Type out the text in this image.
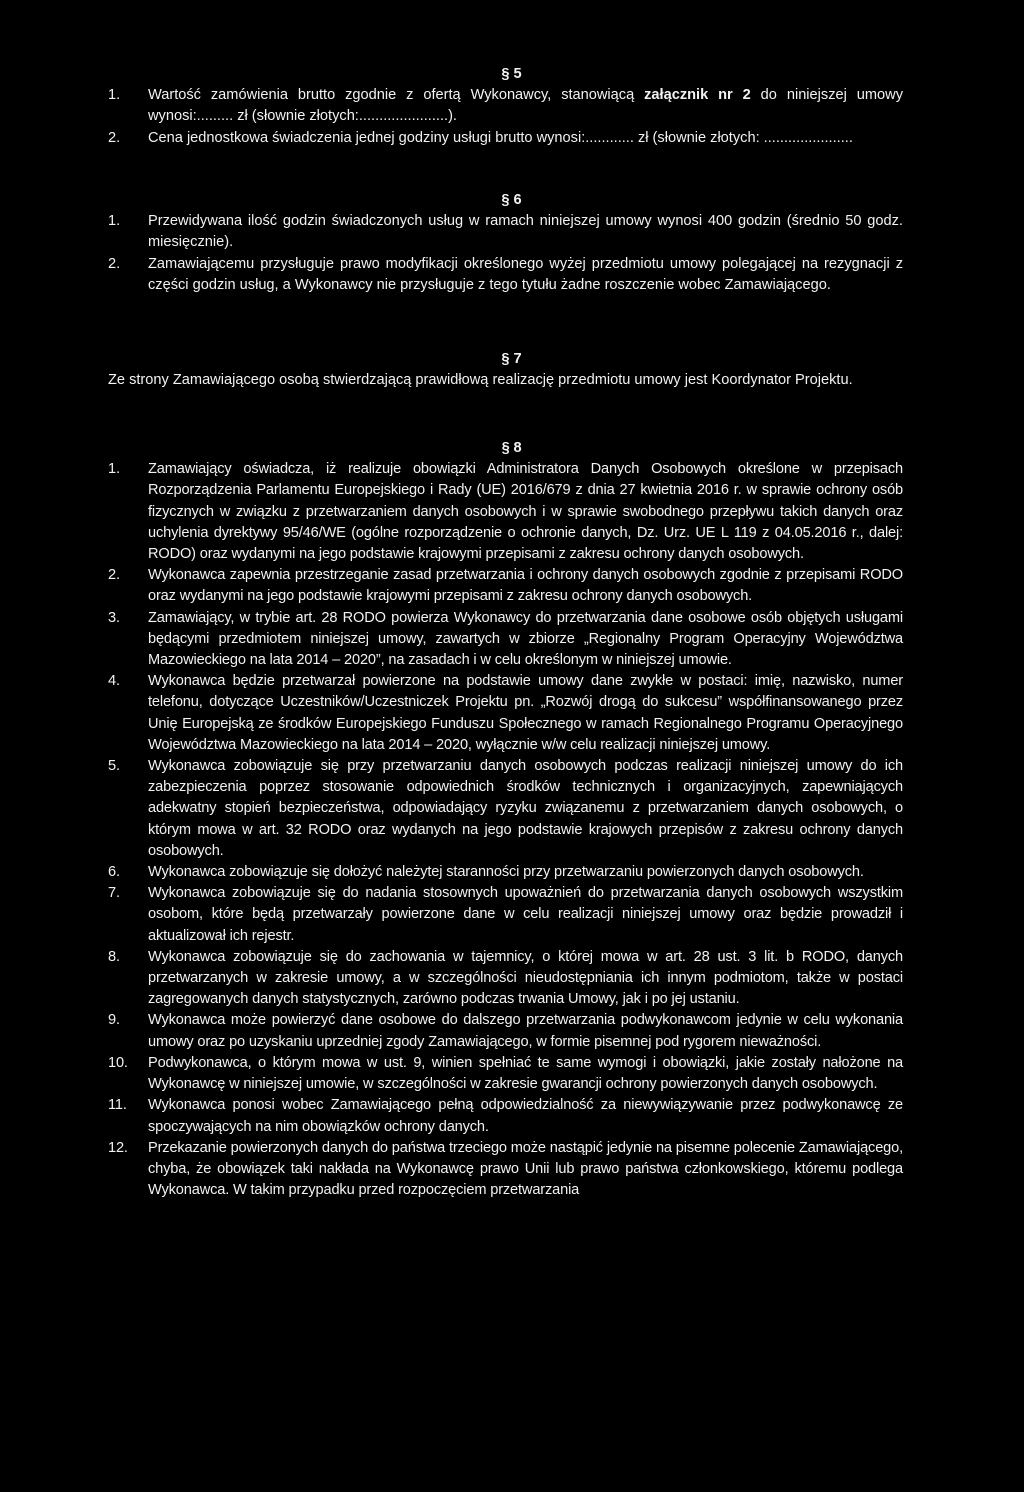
§ 5

1.	Wartość zamówienia brutto zgodnie z ofertą Wykonawcy, stanowiącą załącznik nr 2 do niniejszej umowy wynosi:......... zł (słownie złotych:......................).
2.	Cena jednostkowa świadczenia jednej godziny usługi brutto wynosi:............ zł (słownie złotych: ......................

§ 6

1.	Przewidywana ilość godzin świadczonych usług w ramach niniejszej umowy wynosi 400 godzin (średnio 50 godz. miesięcznie).
2.	Zamawiającemu przysługuje prawo modyfikacji określonego wyżej przedmiotu umowy polegającej na rezygnacji z części godzin usług, a Wykonawcy nie przysługuje z tego tytułu żadne roszczenie wobec Zamawiającego.

§ 7

Ze strony Zamawiającego osobą stwierdzającą prawidłową realizację przedmiotu umowy jest Koordynator Projektu.

§ 8

1.	Zamawiający oświadcza, iż realizuje obowiązki Administratora Danych Osobowych określone w przepisach Rozporządzenia Parlamentu Europejskiego i Rady (UE) 2016/679 z dnia 27 kwietnia 2016 r. w sprawie ochrony osób fizycznych w związku z przetwarzaniem danych osobowych i w sprawie swobodnego przepływu takich danych oraz uchylenia dyrektywy 95/46/WE (ogólne rozporządzenie o ochronie danych, Dz. Urz. UE L 119 z 04.05.2016 r., dalej: RODO) oraz wydanymi na jego podstawie krajowymi przepisami z zakresu ochrony danych osobowych.
2.	Wykonawca zapewnia przestrzeganie zasad przetwarzania i ochrony danych osobowych zgodnie z przepisami RODO oraz wydanymi na jego podstawie krajowymi przepisami z zakresu ochrony danych osobowych.
3.	Zamawiający, w trybie art. 28 RODO powierza Wykonawcy do przetwarzania dane osobowe osób objętych usługami będącymi przedmiotem niniejszej umowy, zawartych w zbiorze „Regionalny Program Operacyjny Województwa Mazowieckiego na lata 2014 – 2020”, na zasadach i w celu określonym w niniejszej umowie.
4.	Wykonawca będzie przetwarzał powierzone na podstawie umowy dane zwykłe w postaci: imię, nazwisko, numer telefonu, dotyczące Uczestników/Uczestniczek Projektu pn. „Rozwój drogą do sukcesu” współfinansowanego przez Unię Europejską ze środków Europejskiego Funduszu Społecznego w ramach Regionalnego Programu Operacyjnego Województwa Mazowieckiego na lata 2014 – 2020, wyłącznie w/w celu realizacji niniejszej umowy.
5.	Wykonawca zobowiązuje się przy przetwarzaniu danych osobowych podczas realizacji niniejszej umowy do ich zabezpieczenia poprzez stosowanie odpowiednich środków technicznych i organizacyjnych, zapewniających adekwatny stopień bezpieczeństwa, odpowiadający ryzyku związanemu z przetwarzaniem danych osobowych, o którym mowa w art. 32 RODO oraz wydanych na jego podstawie krajowych przepisów z zakresu ochrony danych osobowych.
6.	Wykonawca zobowiązuje się dołożyć należytej staranności przy przetwarzaniu powierzonych danych osobowych.
7.	Wykonawca zobowiązuje się do nadania stosownych upoważnień do przetwarzania danych osobowych wszystkim osobom, które będą przetwarzały powierzone dane w celu realizacji niniejszej umowy oraz będzie prowadził i aktualizował ich rejestr.
8.	Wykonawca zobowiązuje się do zachowania w tajemnicy, o której mowa w art. 28 ust. 3 lit. b RODO, danych przetwarzanych w zakresie umowy, a w szczególności nieudostępniania ich innym podmiotom, także w postaci zagregowanych danych statystycznych, zarówno podczas trwania Umowy, jak i po jej ustaniu.
9.	Wykonawca może powierzyć dane osobowe do dalszego przetwarzania podwykonawcom jedynie w celu wykonania umowy oraz po uzyskaniu uprzedniej zgody Zamawiającego, w formie pisemnej pod rygorem nieważności.
10.	Podwykonawca, o którym mowa w ust. 9, winien spełniać te same wymogi i obowiązki, jakie zostały nałożone na Wykonawcę w niniejszej umowie, w szczególności w zakresie gwarancji ochrony powierzonych danych osobowych.
11.	Wykonawca ponosi wobec Zamawiającego pełną odpowiedzialność za niewywiązywanie przez podwykonawcę ze spoczywających na nim obowiązków ochrony danych.
12.	Przekazanie powierzonych danych do państwa trzeciego może nastąpić jedynie na pisemne polecenie Zamawiającego, chyba, że obowiązek taki nakłada na Wykonawcę prawo Unii lub prawo państwa członkowskiego, któremu podlega Wykonawca. W takim przypadku przed rozpoczęciem przetwarzania
